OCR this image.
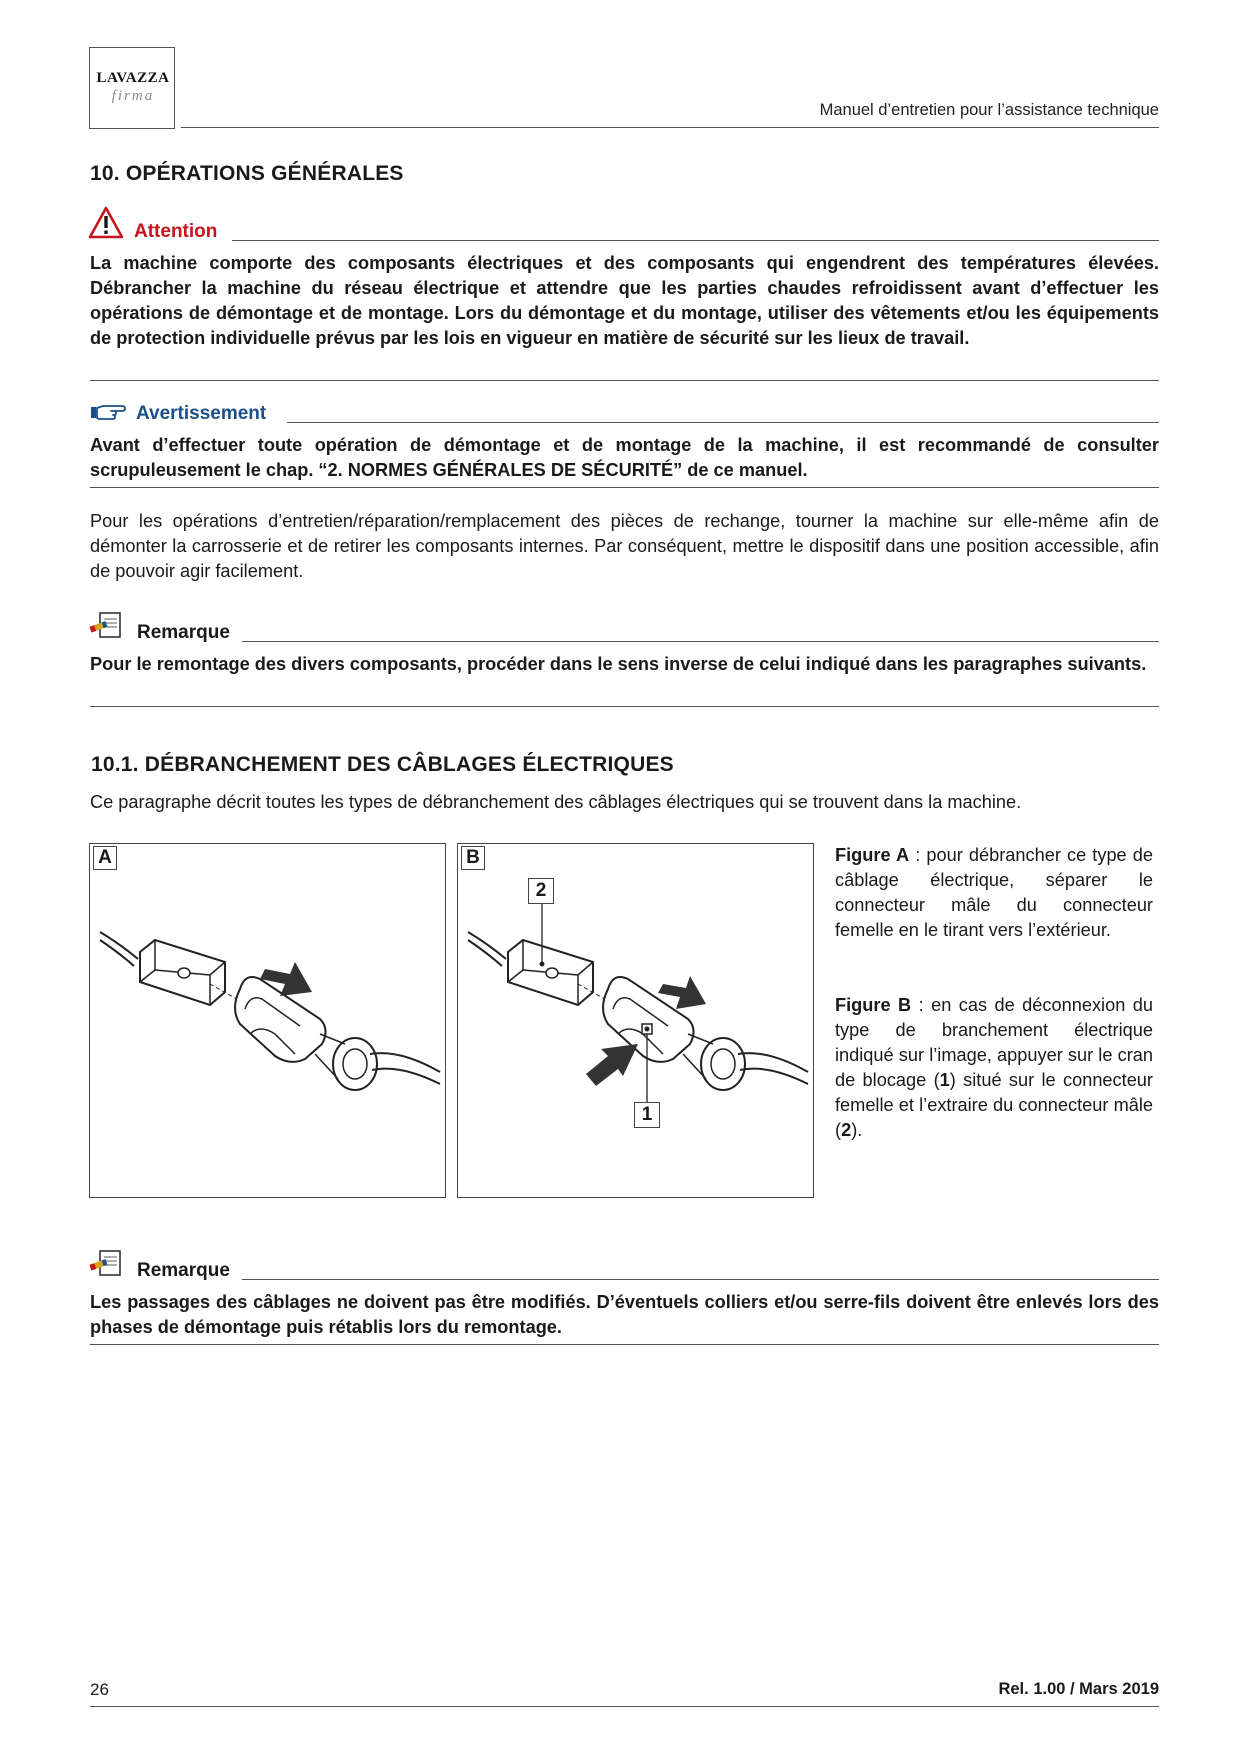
LAVAZZA
firma
Manuel d’entretien pour l’assistance technique
10. OPÉRATIONS GÉNÉRALES
Attention
La machine comporte des composants électriques et des composants qui engendrent des températures élevées. Débrancher la machine du réseau électrique et attendre que les parties chaudes refroidissent avant d’effectuer les opérations de démontage et de montage. Lors du démontage et du montage, utiliser des vêtements et/ou les équipements de protection individuelle prévus par les lois en vigueur en matière de sécurité sur les lieux de travail.
Avertissement
Avant d’effectuer toute opération de démontage et de montage de la machine, il est recommandé de consulter scrupuleusement le chap. “2. NORMES GÉNÉRALES DE SÉCURITÉ” de ce manuel.
Pour les opérations d’entretien/réparation/remplacement des pièces de rechange, tourner la machine sur elle-même afin de démonter la carrosserie et de retirer les composants internes. Par conséquent, mettre le dispositif dans une position accessible, afin de pouvoir agir facilement.
Remarque
Pour le remontage des divers composants, procéder dans le sens inverse de celui indiqué dans les paragraphes suivants.
10.1. DÉBRANCHEMENT DES CÂBLAGES ÉLECTRIQUES
Ce paragraphe décrit toutes les types de débranchement des câblages électriques qui se trouvent dans la machine.
A	B
2
1
Figure A : pour débrancher ce type de câblage électrique, séparer le connecteur mâle du connecteur femelle en le tirant vers l’extérieur.
Figure B : en cas de déconnexion du type de branchement électrique indiqué sur l’image, appuyer sur le cran de blocage (1) situé sur le connecteur femelle et l’extraire du connecteur mâle (2).
Remarque
Les passages des câblages ne doivent pas être modifiés. D’éventuels colliers et/ou serre-fils doivent être enlevés lors des phases de démontage puis rétablis lors du remontage.
26	Rel. 1.00 / Mars 2019
